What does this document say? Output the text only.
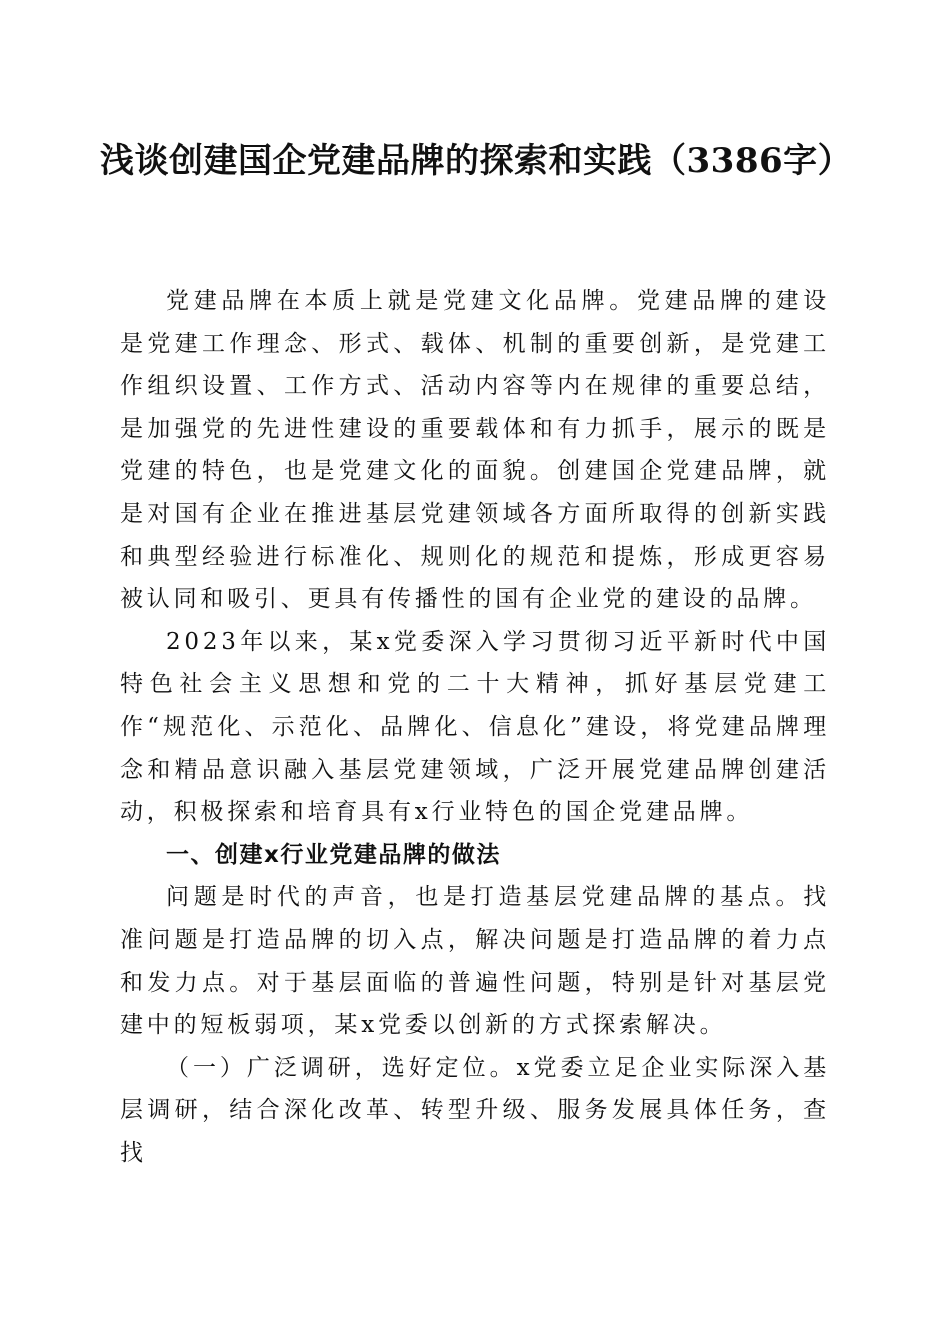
浅谈创建国企党建品牌的探索和实践（3386字）

党建品牌在本质上就是党建文化品牌。党建品牌的建设是党建工作理念、形式、载体、机制的重要创新，是党建工作组织设置、工作方式、活动内容等内在规律的重要总结，是加强党的先进性建设的重要载体和有力抓手，展示的既是党建的特色，也是党建文化的面貌。创建国企党建品牌，就是对国有企业在推进基层党建领域各方面所取得的创新实践和典型经验进行标准化、规则化的规范和提炼，形成更容易被认同和吸引、更具有传播性的国有企业党的建设的品牌。

2023年以来，某x党委深入学习贯彻习近平新时代中国特色社会主义思想和党的二十大精神，抓好基层党建工作“规范化、示范化、品牌化、信息化”建设，将党建品牌理念和精品意识融入基层党建领域，广泛开展党建品牌创建活动，积极探索和培育具有x行业特色的国企党建品牌。

一、创建x行业党建品牌的做法

问题是时代的声音，也是打造基层党建品牌的基点。找准问题是打造品牌的切入点，解决问题是打造品牌的着力点和发力点。对于基层面临的普遍性问题，特别是针对基层党建中的短板弱项，某x党委以创新的方式探索解决。

（一）广泛调研，选好定位。x党委立足企业实际深入基层调研，结合深化改革、转型升级、服务发展具体任务，查找
